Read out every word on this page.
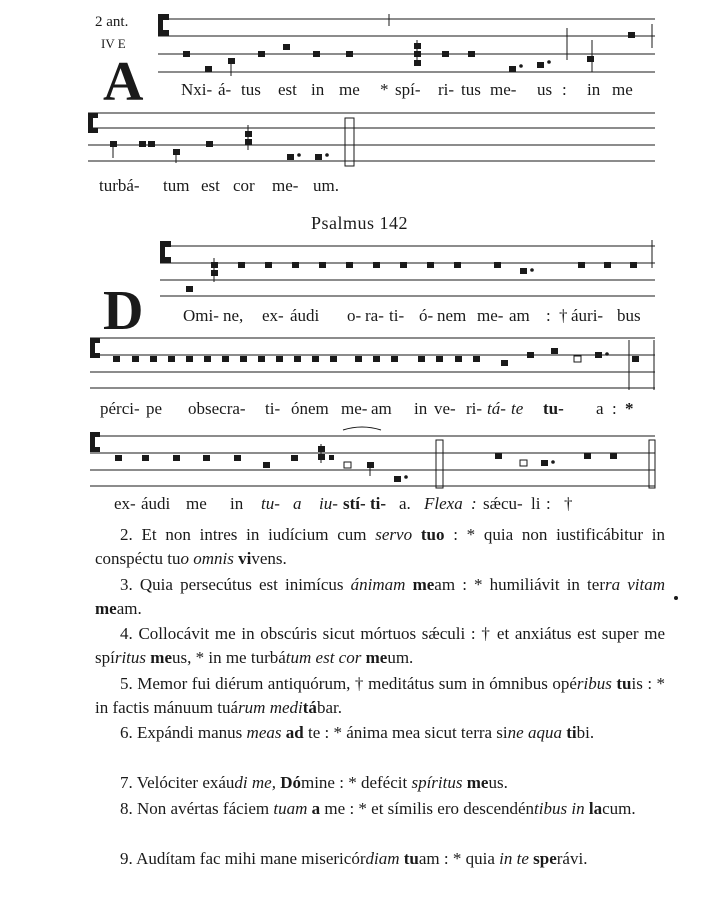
2 ant.
IV E
A Nxi- á- tus est in me * spí- ri- tus me- us : in me
turbá- tum est cor me- um.
Psalmus 142
D Omi- ne, ex- áudi o- ra- ti- ó- nem me- am : † áuri- bus
pérci- pe obsecra- ti- ónem me- am in ve- ri- tá- te tu- a : *
ex- áudi me in tu- a iu- stí- ti- a. Flexa : sǽcu- li : †
2. Et non intres in iudícium cum servo tuo : * quia non iustificábitur in conspéctu tuo omnis vivens.
3. Quia persecútus est inimícus ánimam meam : * humiliávit in terra vitam meam.
4. Collocávit me in obscúris sicut mórtuos sǽculi : † et anxiátus est super me spíritus meus, * in me turbátum est cor meum.
5. Memor fui diérum antiquórum, † meditátus sum in ómnibus opéribus tuis : * in factis mánuum tuárum meditábar.
6. Expándi manus meas ad te : * ánima mea sicut terra sine aqua tibi.
7. Velóciter exáudi me, Dómine : * defécit spíritus meus.
8. Non avértas fáciem tuam a me : * et símilis ero descendéntibus in lacum.
9. Audítam fac mihi mane misericórdiam tuam : * quia in te sperávi.
